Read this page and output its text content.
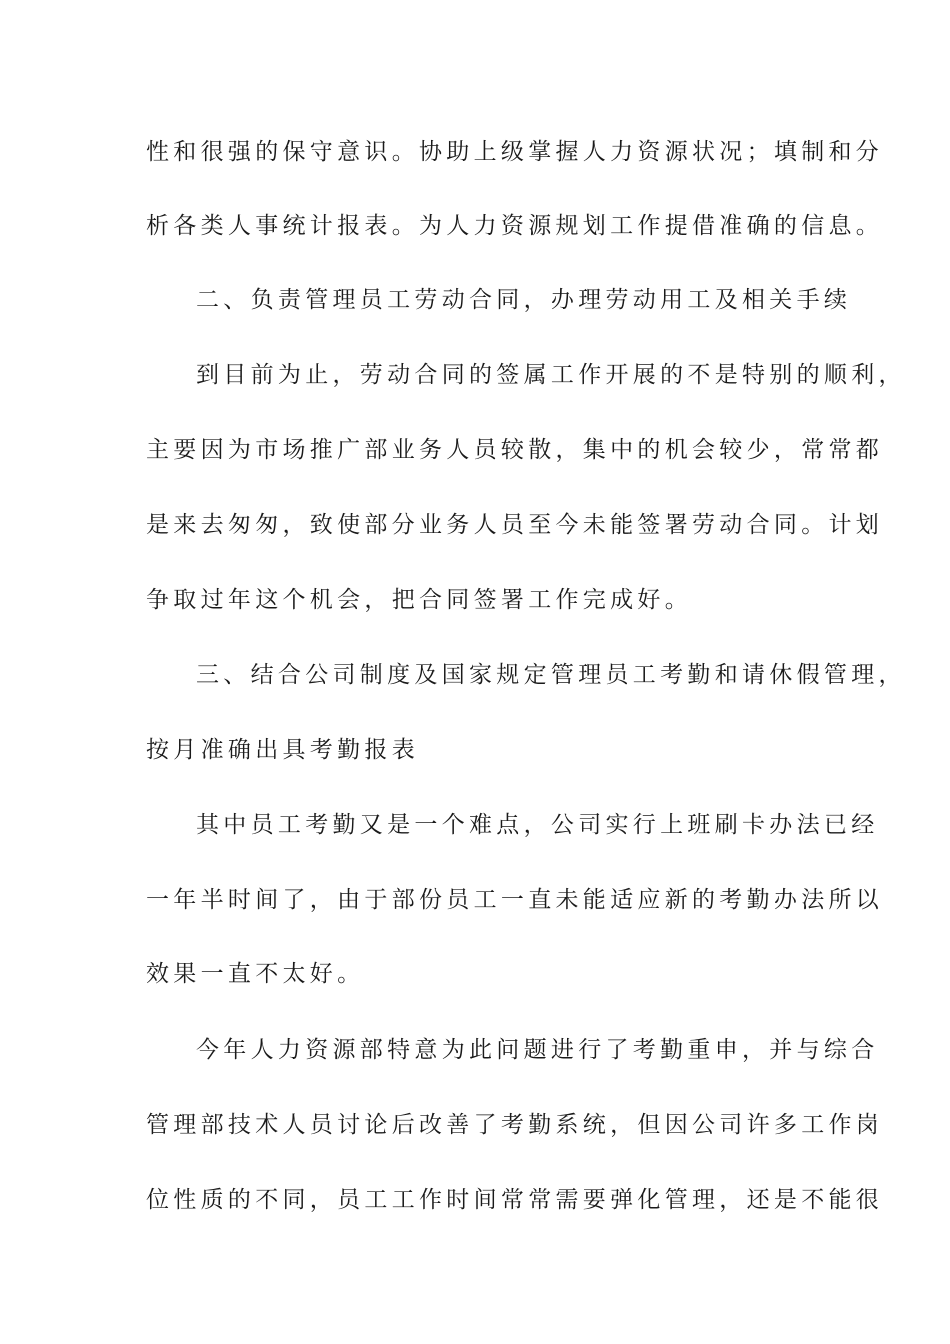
性和很强的保守意识。协助上级掌握人力资源状况；填制和分
析各类人事统计报表。为人力资源规划工作提借准确的信息。
二、负责管理员工劳动合同，办理劳动用工及相关手续
到目前为止，劳动合同的签属工作开展的不是特别的顺利，
主要因为市场推广部业务人员较散，集中的机会较少，常常都
是来去匆匆，致使部分业务人员至今未能签署劳动合同。计划
争取过年这个机会，把合同签署工作完成好。
三、结合公司制度及国家规定管理员工考勤和请休假管理，
按月准确出具考勤报表
其中员工考勤又是一个难点，公司实行上班刷卡办法已经
一年半时间了，由于部份员工一直未能适应新的考勤办法所以
效果一直不太好。
今年人力资源部特意为此问题进行了考勤重申，并与综合
管理部技术人员讨论后改善了考勤系统，但因公司许多工作岗
位性质的不同，员工工作时间常常需要弹化管理，还是不能很
